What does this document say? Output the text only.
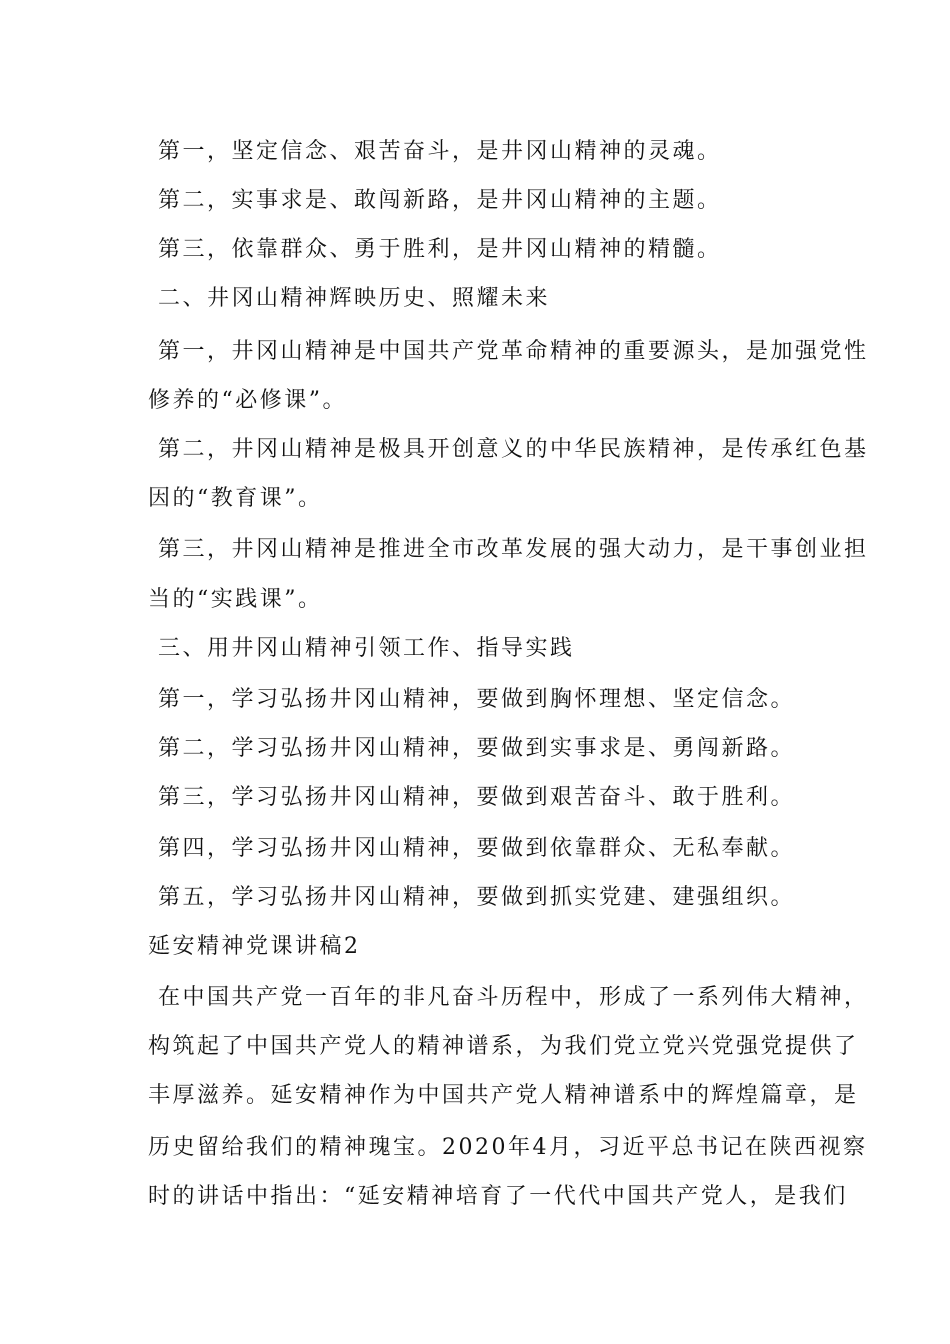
第一，坚定信念、艰苦奋斗，是井冈山精神的灵魂。
第二，实事求是、敢闯新路，是井冈山精神的主题。
第三，依靠群众、勇于胜利，是井冈山精神的精髓。
二、井冈山精神辉映历史、照耀未来
第一，井冈山精神是中国共产党革命精神的重要源头，是加强党性
修养的“必修课”。
第二，井冈山精神是极具开创意义的中华民族精神，是传承红色基
因的“教育课”。
第三，井冈山精神是推进全市改革发展的强大动力，是干事创业担
当的“实践课”。
三、用井冈山精神引领工作、指导实践
第一，学习弘扬井冈山精神，要做到胸怀理想、坚定信念。
第二，学习弘扬井冈山精神，要做到实事求是、勇闯新路。
第三，学习弘扬井冈山精神，要做到艰苦奋斗、敢于胜利。
第四，学习弘扬井冈山精神，要做到依靠群众、无私奉献。
第五，学习弘扬井冈山精神，要做到抓实党建、建强组织。
延安精神党课讲稿2
在中国共产党一百年的非凡奋斗历程中，形成了一系列伟大精神，
构筑起了中国共产党人的精神谱系，为我们党立党兴党强党提供了
丰厚滋养。延安精神作为中国共产党人精神谱系中的辉煌篇章，是
历史留给我们的精神瑰宝。2020年4月，习近平总书记在陕西视察
时的讲话中指出：“延安精神培育了一代代中国共产党人，是我们
